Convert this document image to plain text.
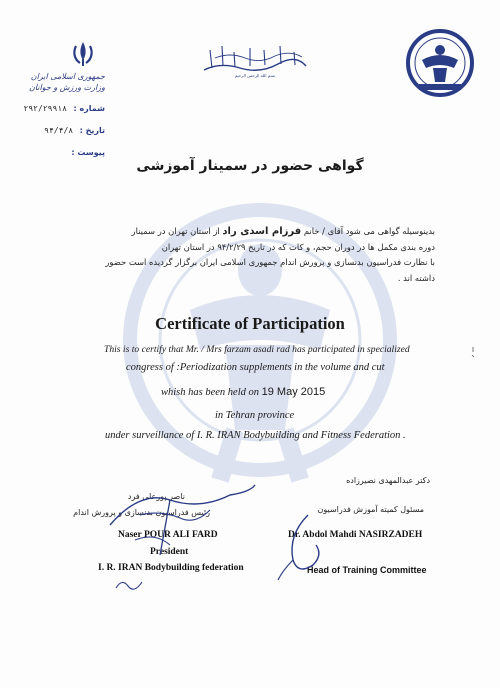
جمهوری اسلامی ایران
وزارت ورزش و جوانان
شماره : ۲۹۲/۲۹۹۱۸
تاریخ : ۹۴/۴/۸
پیوست :
بسم الله الرحمن الرحيم
گواهی حضور در سمینار آموزشی
بدینوسیله گواهی می شود آقای / خانم فرزام اسدی راد از استان تهران در سمینار
دوره بندی مکمل ها در دوران حجم، و کات که در تاریخ ۹۴/۲/۲۹ در استان تهران
با نظارت فدراسیون بدنسازی و پرورش اندام جمهوری اسلامی ایران برگزار گردیده است حضور
داشته اند .
Certificate of Participation
This is to certify that Mr. / Mrs farzam asadi rad has participated in specialized
congress of :Periodization supplements in the volume and cut
whish has been held on 19 May 2015
in Tehran province
under surveillance of I. R. IRAN Bodybuilding and Fitness Federation .
ناصر پورعلی فرد
رئیس فدراسیون بدنسازی و پرورش اندام
Naser POUR ALI FARD
President
I. R. IRAN Bodybuilding federation
دکتر عبدالمهدی نصیرزاده
مسئول کمیته آموزش فدراسیون
Dr. Abdol Mahdi NASIRZADEH
Head of Training Committee
